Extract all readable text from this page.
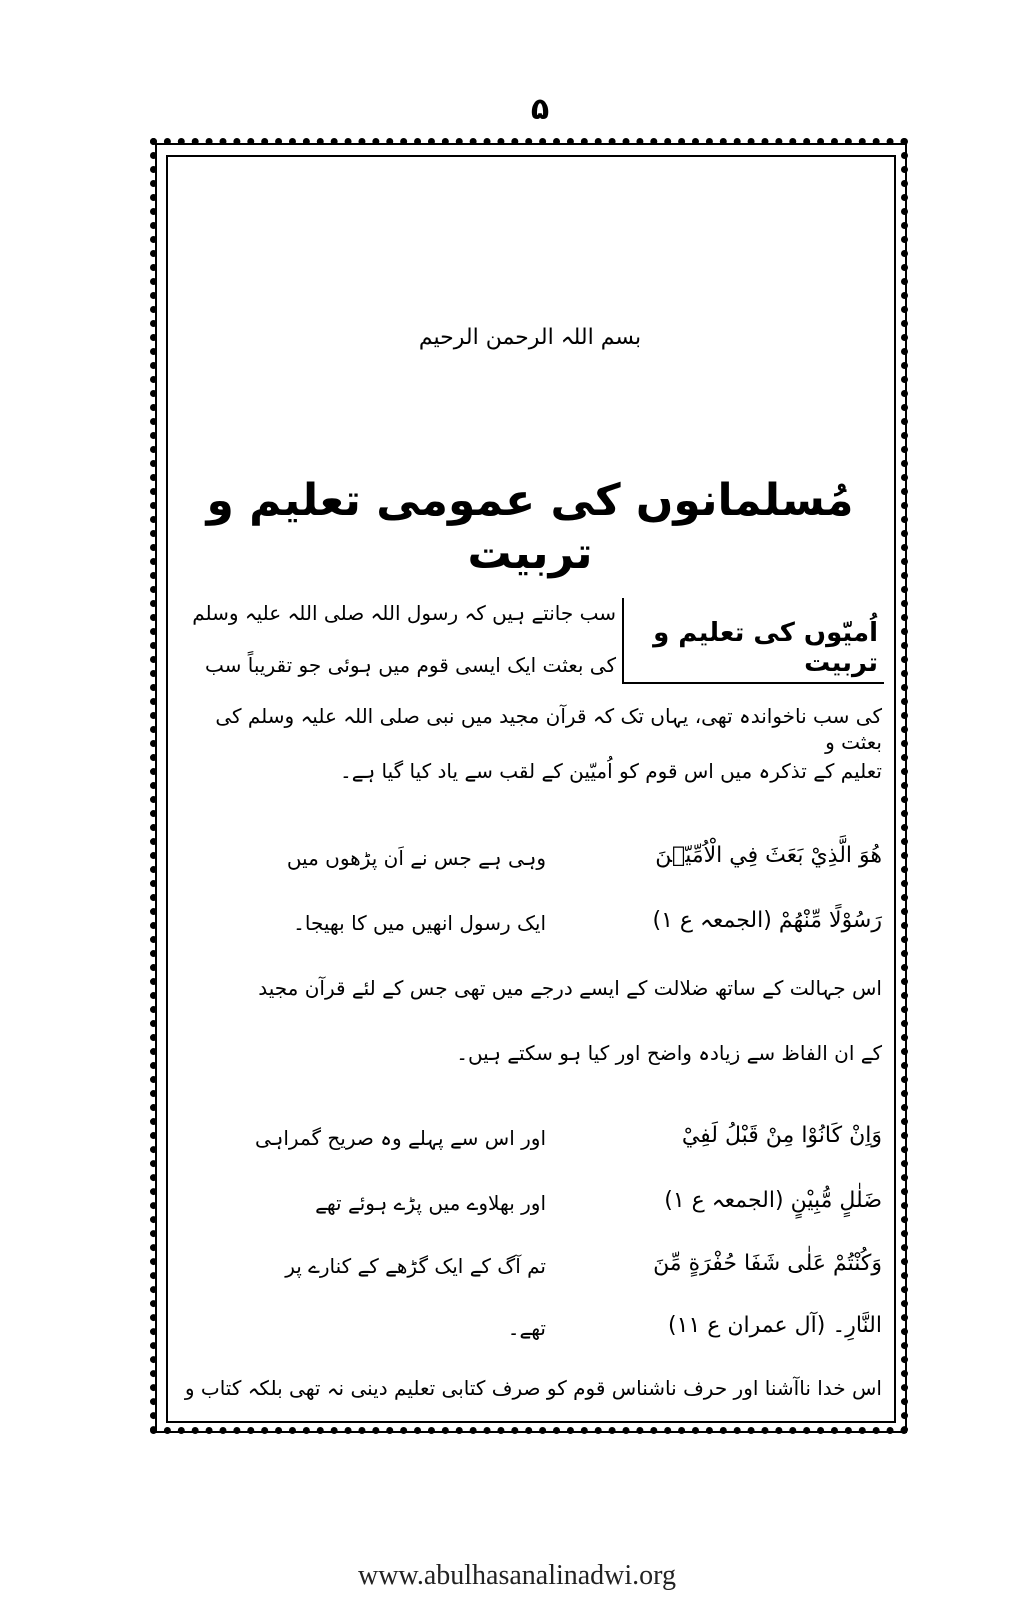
۵
بسم اللہ الرحمن الرحیم
مُسلمانوں کی عمومی تعلیم و تربیت
اُمیّوں کی تعلیم و تربیت
سب جانتے ہیں کہ رسول اللہ صلی اللہ علیہ وسلم
کی بعثت ایک ایسی قوم میں ہوئی جو تقریباً سب
کی سب ناخواندہ تھی، یہاں تک کہ قرآن مجید میں نبی صلی اللہ علیہ وسلم کی بعثت و
تعلیم کے تذکرہ میں اس قوم کو اُمیّین کے لقب سے یاد کیا گیا ہے۔
هُوَ الَّذِيْ بَعَثَ فِي الْاُمِّيّٖنَ
وہی ہے جس نے اَن پڑھوں میں
رَسُوْلًا مِّنْهُمْ (الجمعہ ع ۱)
ایک رسول انھیں میں کا بھیجا۔
اس جہالت کے ساتھ ضلالت کے ایسے درجے میں تھی جس کے لئے قرآن مجید
کے ان الفاظ سے زیادہ واضح اور کیا ہو سکتے ہیں۔
وَاِنْ كَانُوْا مِنْ قَبْلُ لَفِيْ
اور اس سے پہلے وہ صریح گمراہی
ضَلٰلٍ مُّبِيْنٍ (الجمعہ ع ۱)
اور بھلاوے میں پڑے ہوئے تھے
وَكُنْتُمْ عَلٰى شَفَا حُفْرَةٍ مِّنَ
تم آگ کے ایک گڑھے کے کنارے پر
النَّارِ۔ (آل عمران ع ۱۱)
تھے۔
اس خدا ناآشنا اور حرف ناشناس قوم کو صرف کتابی تعلیم دینی نہ تھی بلکہ کتاب و
www.abulhasanalinadwi.org
